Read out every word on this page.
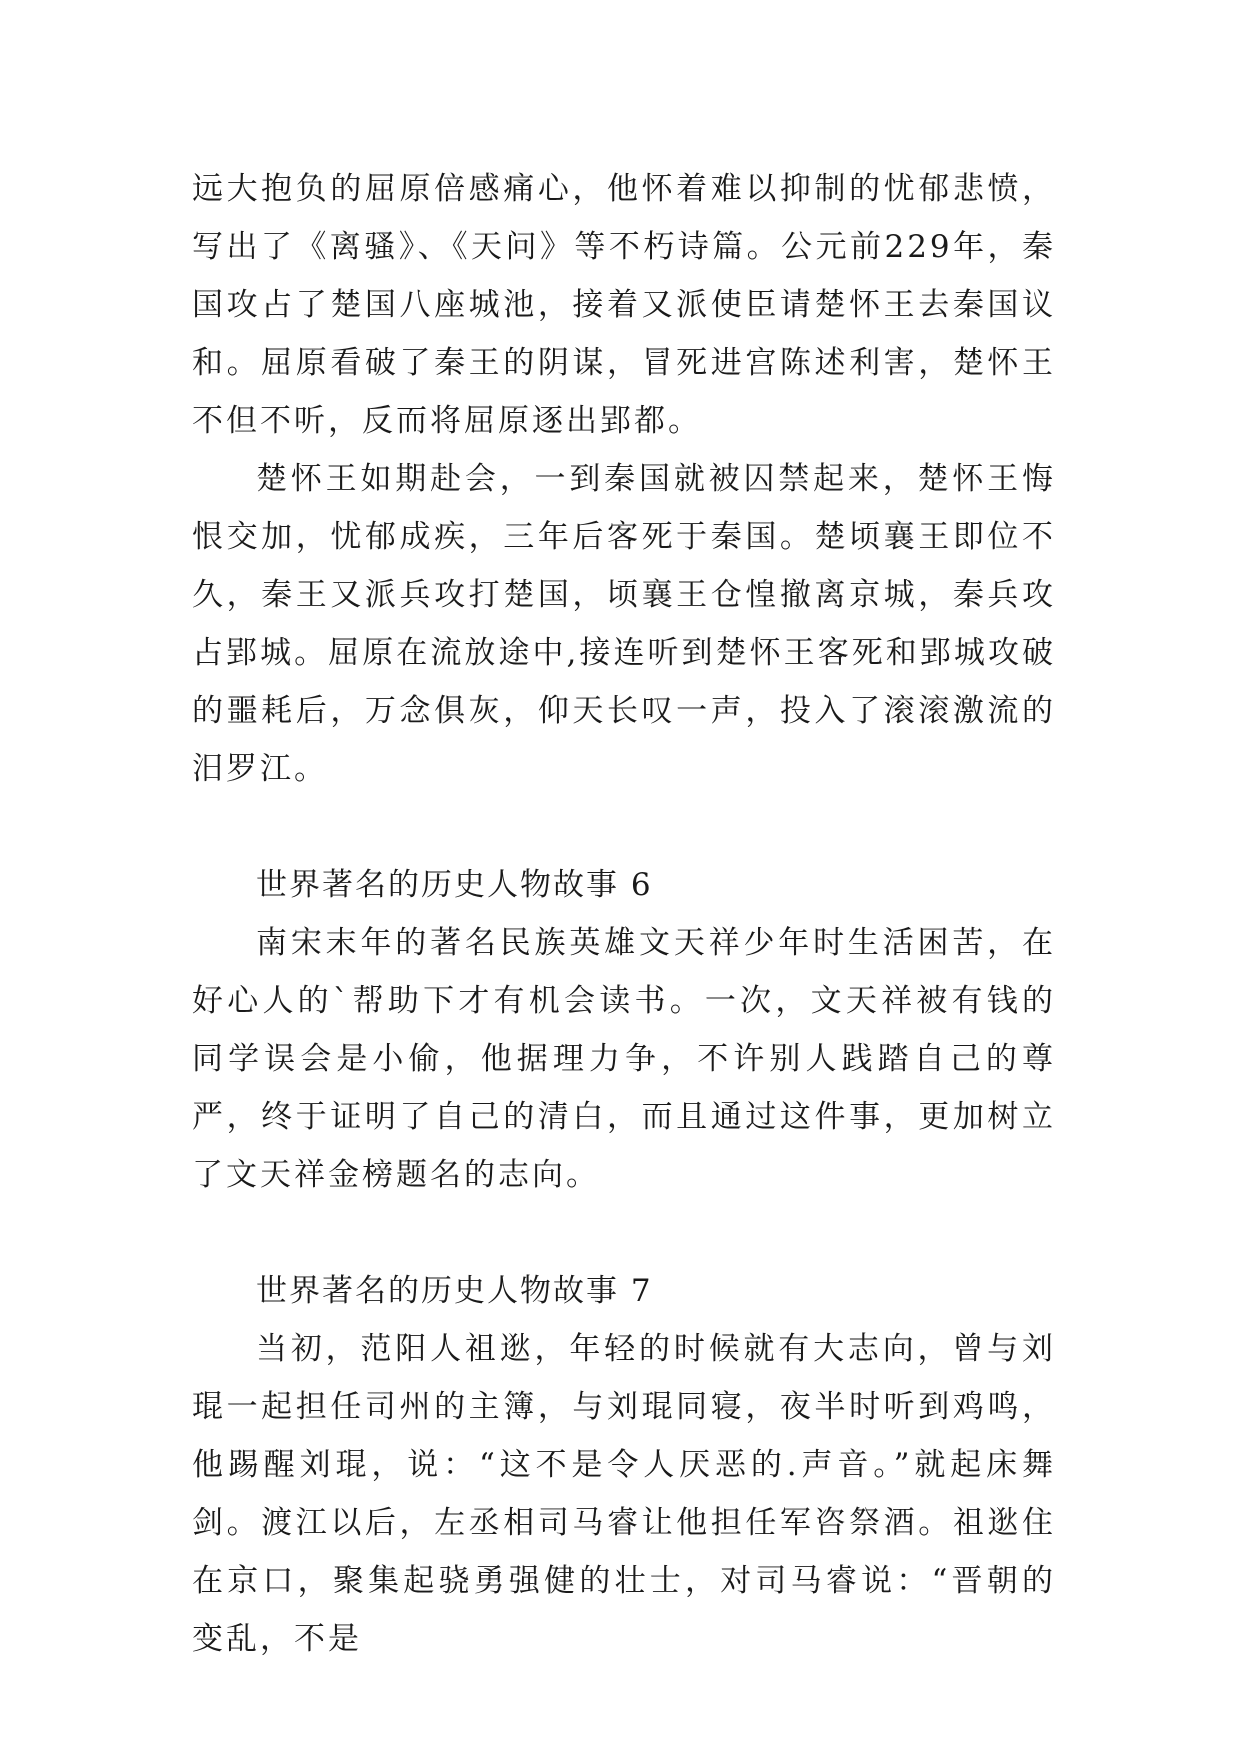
远大抱负的屈原倍感痛心，他怀着难以抑制的忧郁悲愤，写出了《离骚》、《天问》等不朽诗篇。公元前229年，秦国攻占了楚国八座城池，接着又派使臣请楚怀王去秦国议和。屈原看破了秦王的阴谋，冒死进宫陈述利害，楚怀王不但不听，反而将屈原逐出郢都。

楚怀王如期赴会，一到秦国就被囚禁起来，楚怀王悔恨交加，忧郁成疾，三年后客死于秦国。楚顷襄王即位不久，秦王又派兵攻打楚国，顷襄王仓惶撤离京城，秦兵攻占郢城。屈原在流放途中,接连听到楚怀王客死和郢城攻破的噩耗后，万念俱灰，仰天长叹一声，投入了滚滚激流的汨罗江。

世界著名的历史人物故事 6

南宋末年的著名民族英雄文天祥少年时生活困苦，在好心人的`帮助下才有机会读书。一次，文天祥被有钱的同学误会是小偷，他据理力争，不许别人践踏自己的尊严，终于证明了自己的清白，而且通过这件事，更加树立了文天祥金榜题名的志向。

世界著名的历史人物故事 7

当初，范阳人祖逖，年轻的时候就有大志向，曾与刘琨一起担任司州的主簿，与刘琨同寝，夜半时听到鸡鸣，他踢醒刘琨，说：“这不是令人厌恶的.声音。”就起床舞剑。渡江以后，左丞相司马睿让他担任军咨祭酒。祖逖住在京口，聚集起骁勇强健的壮士，对司马睿说：“晋朝的变乱，不是
